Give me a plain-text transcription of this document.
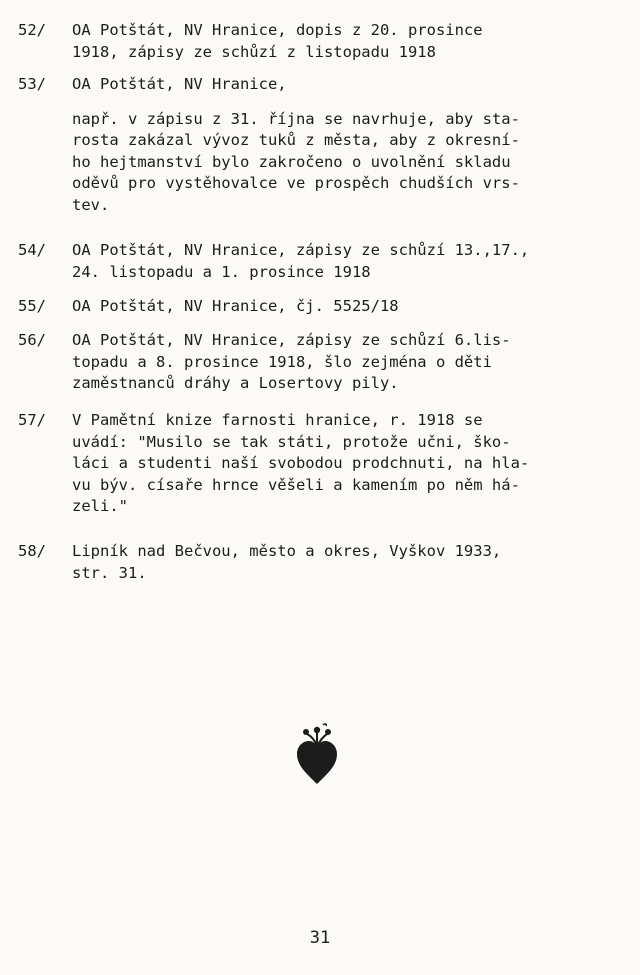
52/	OA Potštát, NV Hranice, dopis z 20. prosince
1918, zápisy ze schůzí z listopadu 1918
53/	OA Potštát, NV Hranice,
např. v zápisu z 31. října se navrhuje, aby sta-
rosta zakázal vývoz tuků z města, aby z okresní-
ho hejtmanství bylo zakročeno o uvolnění skladu
oděvů pro vystěhovalce ve prospěch chudších vrs-
tev.
54/	OA Potštát, NV Hranice, zápisy ze schůzí 13.,17.,
24. listopadu a 1. prosince 1918
55/	OA Potštát, NV Hranice, čj. 5525/18
56/	OA Potštát, NV Hranice, zápisy ze schůzí 6.lis-
topadu a 8. prosince 1918, šlo zejména o děti
zaměstnanců dráhy a Losertovy pily.
57/	V Pamětní knize farnosti hranice, r. 1918 se
uvádí: "Musilo se tak státi, protože učni, ško-
láci a studenti naší svobodou prodchnuti, na hla-
vu býv. císaře hrnce věšeli a kamením po něm há-
zeli."
58/	Lipník nad Bečvou, město a okres, Vyškov 1933,
str. 31.
31
